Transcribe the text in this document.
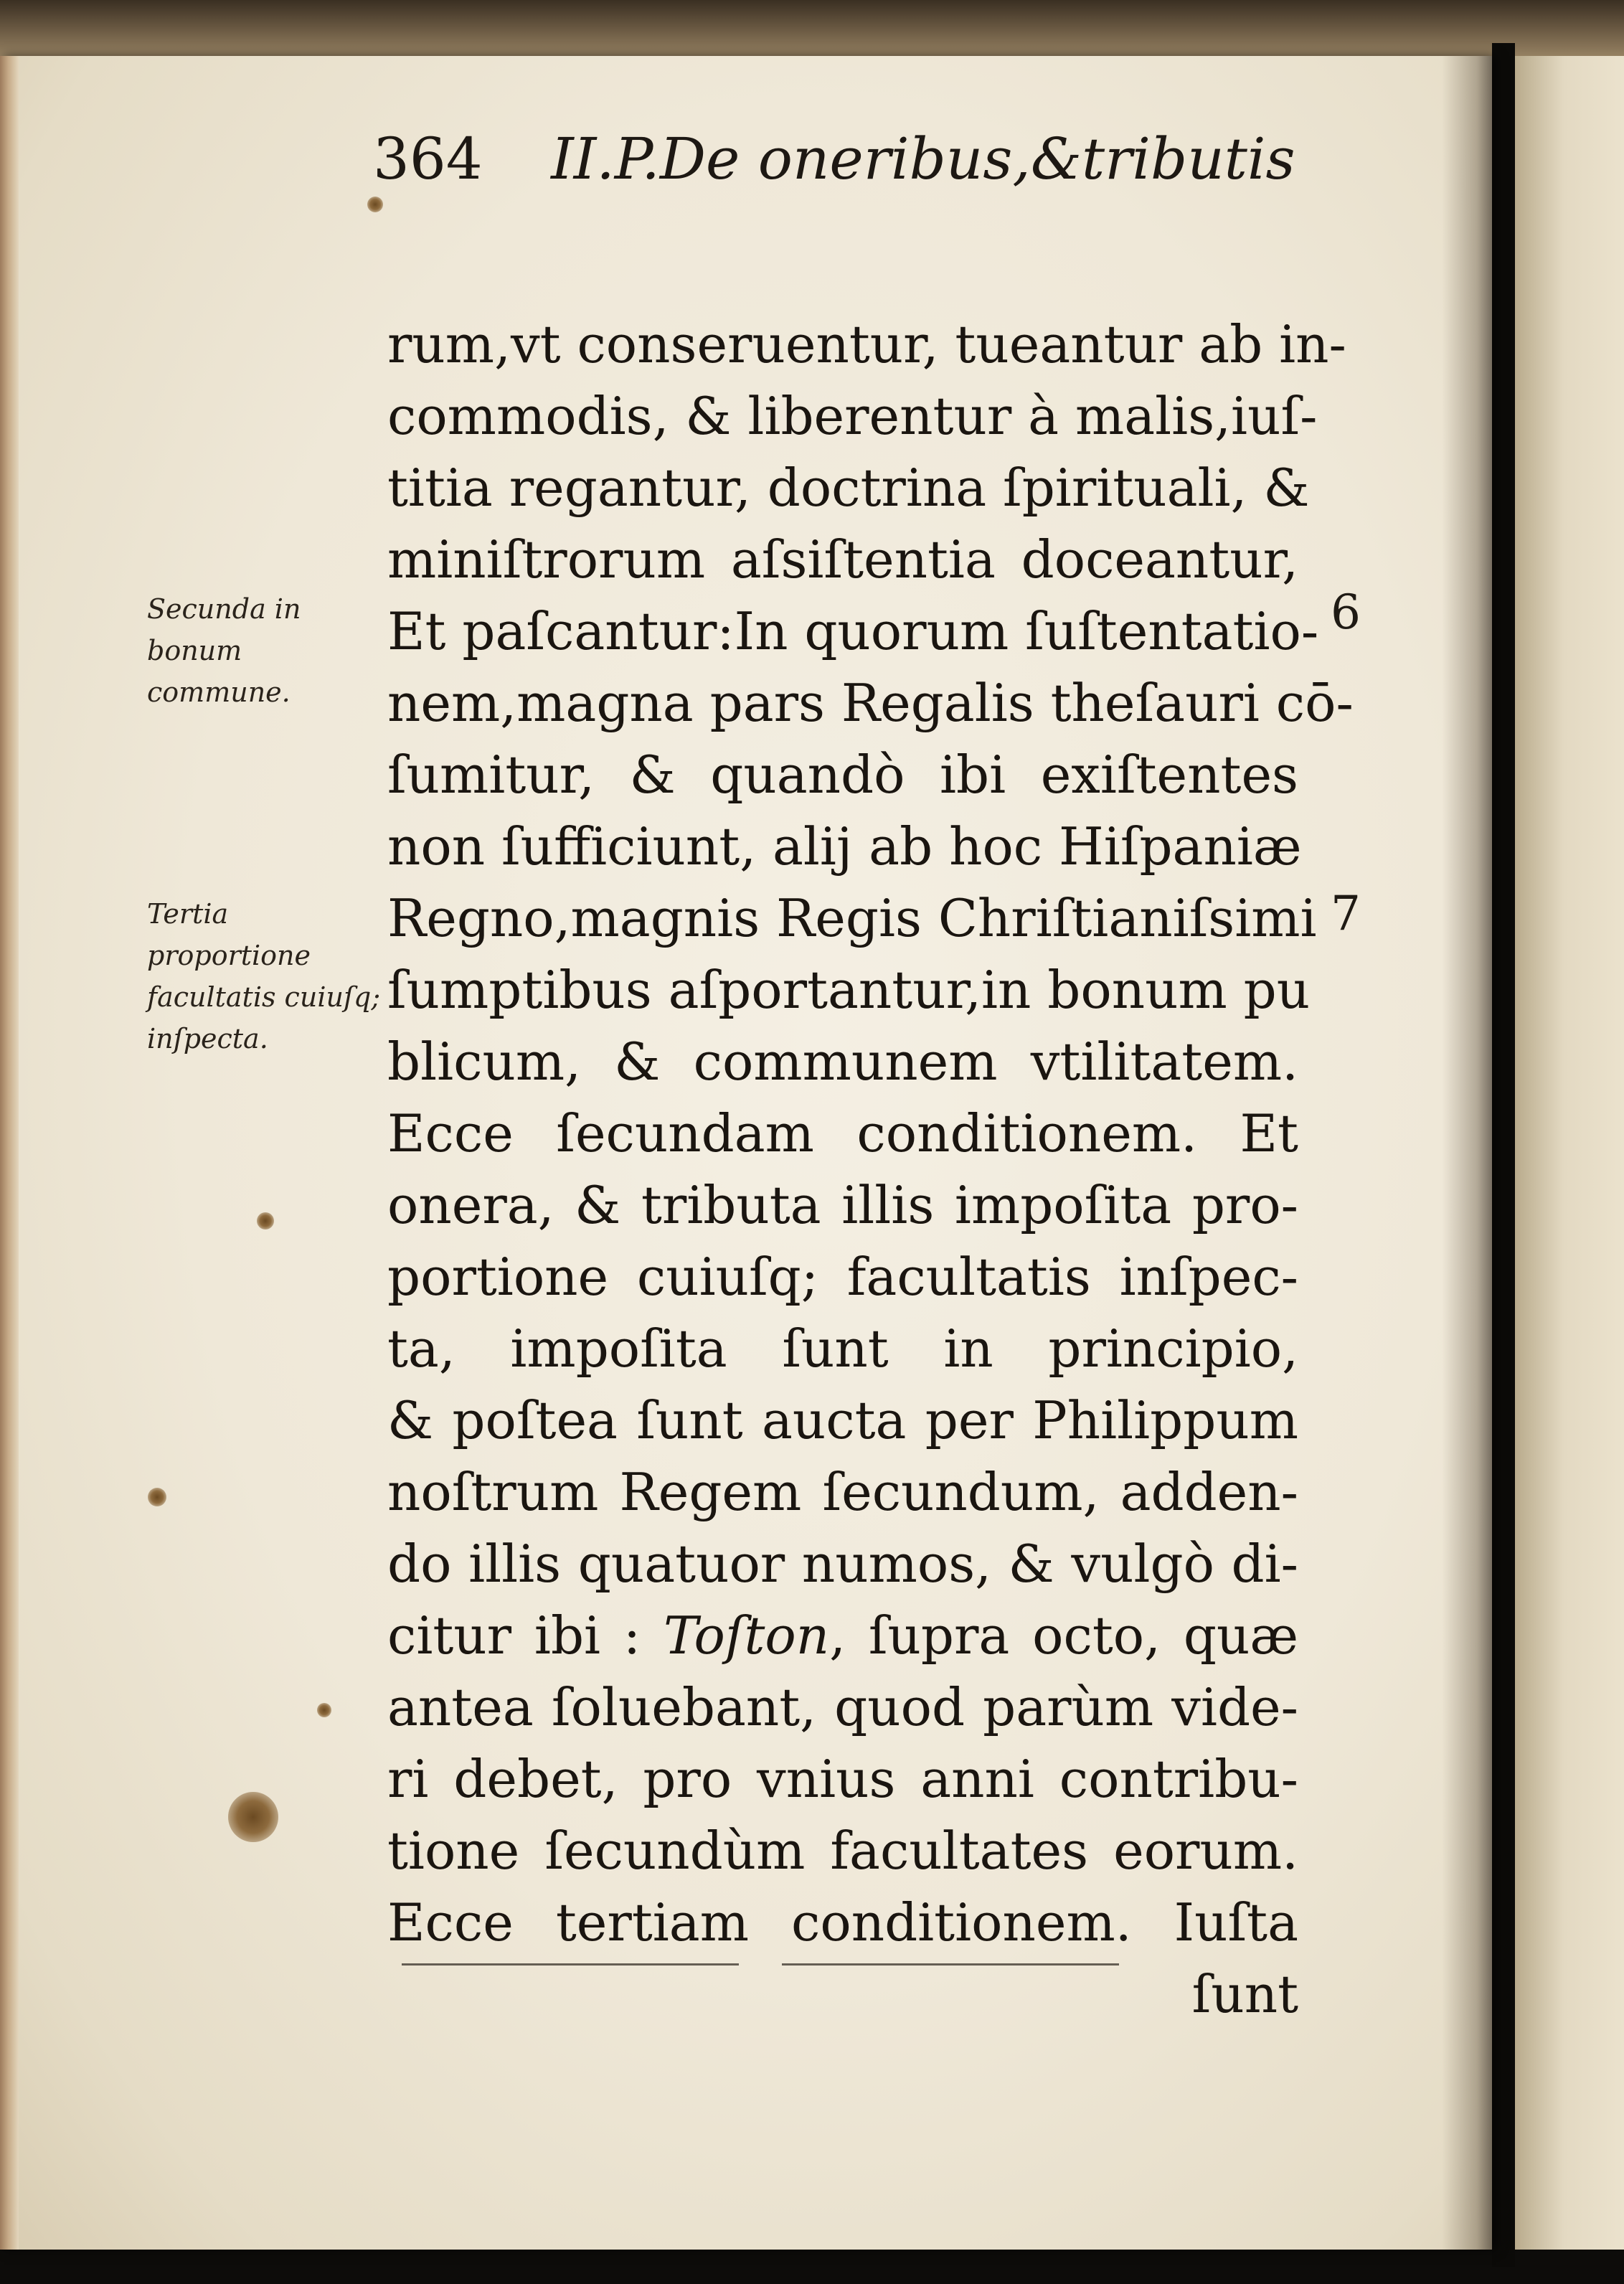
364 II.P.De oneribus,&tributis
rum,vt conseruentur, tueantur ab in-
commodis, & liberentur à malis,iuſ-
titia regantur, doctrina ſpirituali, &
miniſtrorum aſsiſtentia doceantur,
Et paſcantur:In quorum ſuſtentatio-
nem,magna pars Regalis theſauri cō-
ſumitur, & quandò ibi exiſtentes
non ſufficiunt, alij ab hoc Hiſpaniæ
Regno,magnis Regis Chriſtianiſsimi
ſumptibus aſportantur,in bonum pu
blicum, & communem vtilitatem.
Ecce ſecundam conditionem. Et
onera, & tributa illis impoſita pro-
portione cuiuſq; facultatis inſpec-
ta, impoſita ſunt in principio,
& poſtea ſunt aucta per Philippum
noſtrum Regem ſecundum, adden-
do illis quatuor numos, & vulgò di-
citur ibi : Toſton, ſupra octo, quæ
antea ſoluebant, quod parùm vide-
ri debet, pro vnius anni contribu-
tione ſecundùm facultates eorum.
Ecce tertiam conditionem. Iuſta
ſunt
Secunda in bonum commune.
Tertia proportione facultatis cuiuſq; inſpecta.
6
7
